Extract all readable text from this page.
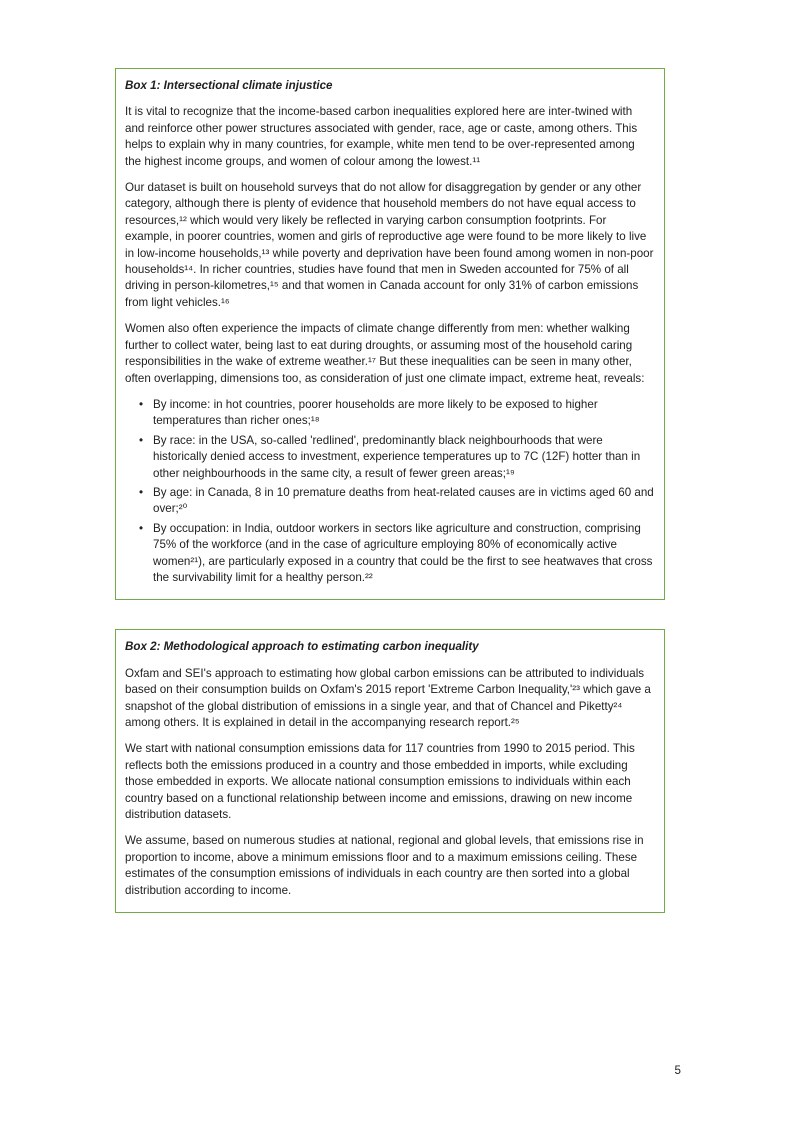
Box 1: Intersectional climate injustice

It is vital to recognize that the income-based carbon inequalities explored here are inter-twined with and reinforce other power structures associated with gender, race, age or caste, among others. This helps to explain why in many countries, for example, white men tend to be over-represented among the highest income groups, and women of colour among the lowest.¹¹

Our dataset is built on household surveys that do not allow for disaggregation by gender or any other category, although there is plenty of evidence that household members do not have equal access to resources,¹² which would very likely be reflected in varying carbon consumption footprints. For example, in poorer countries, women and girls of reproductive age were found to be more likely to live in low-income households,¹³ while poverty and deprivation have been found among women in non-poor households¹⁴. In richer countries, studies have found that men in Sweden accounted for 75% of all driving in person-kilometres,¹⁵ and that women in Canada account for only 31% of carbon emissions from light vehicles.¹⁶

Women also often experience the impacts of climate change differently from men: whether walking further to collect water, being last to eat during droughts, or assuming most of the household caring responsibilities in the wake of extreme weather.¹⁷ But these inequalities can be seen in many other, often overlapping, dimensions too, as consideration of just one climate impact, extreme heat, reveals:

• By income: in hot countries, poorer households are more likely to be exposed to higher temperatures than richer ones;¹⁸
• By race: in the USA, so-called 'redlined', predominantly black neighbourhoods that were historically denied access to investment, experience temperatures up to 7C (12F) hotter than in other neighbourhoods in the same city, a result of fewer green areas;¹⁹
• By age: in Canada, 8 in 10 premature deaths from heat-related causes are in victims aged 60 and over;²⁰
• By occupation: in India, outdoor workers in sectors like agriculture and construction, comprising 75% of the workforce (and in the case of agriculture employing 80% of economically active women²¹), are particularly exposed in a country that could be the first to see heatwaves that cross the survivability limit for a healthy person.²²
Box 2: Methodological approach to estimating carbon inequality

Oxfam and SEI's approach to estimating how global carbon emissions can be attributed to individuals based on their consumption builds on Oxfam's 2015 report 'Extreme Carbon Inequality,'²³ which gave a snapshot of the global distribution of emissions in a single year, and that of Chancel and Piketty²⁴ among others. It is explained in detail in the accompanying research report.²⁵

We start with national consumption emissions data for 117 countries from 1990 to 2015 period. This reflects both the emissions produced in a country and those embedded in imports, while excluding those embedded in exports. We allocate national consumption emissions to individuals within each country based on a functional relationship between income and emissions, drawing on new income distribution datasets.

We assume, based on numerous studies at national, regional and global levels, that emissions rise in proportion to income, above a minimum emissions floor and to a maximum emissions ceiling. These estimates of the consumption emissions of individuals in each country are then sorted into a global distribution according to income.

5
